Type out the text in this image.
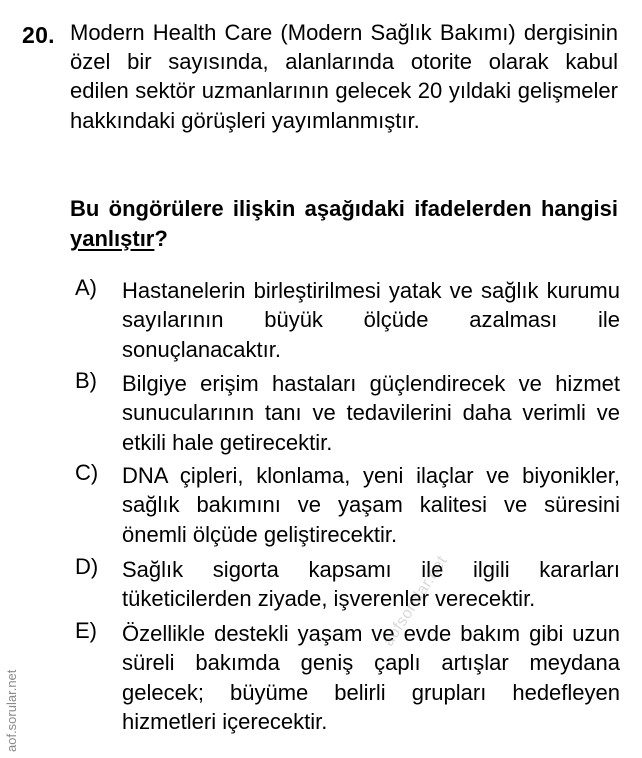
20. Modern Health Care (Modern Sağlık Bakımı) dergisinin özel bir sayısında, alanlarında otorite olarak kabul edilen sektör uzmanlarının gelecek 20 yıldaki gelişmeler hakkındaki görüşleri yayımlanmıştır.
Bu öngörülere ilişkin aşağıdaki ifadelerden hangisi yanlıştır?
A) Hastanelerin birleştirilmesi yatak ve sağlık kurumu sayılarının büyük ölçüde azalması ile sonuçlanacaktır.
B) Bilgiye erişim hastaları güçlendirecek ve hizmet sunucularının tanı ve tedavilerini daha verimli ve etkili hale getirecektir.
C) DNA çipleri, klonlama, yeni ilaçlar ve biyonikler, sağlık bakımını ve yaşam kalitesi ve süresini önemli ölçüde geliştirecektir.
D) Sağlık sigorta kapsamı ile ilgili kararları tüketicilerden ziyade, işverenler verecektir.
E) Özellikle destekli yaşam ve evde bakım gibi uzun süreli bakımda geniş çaplı artışlar meydana gelecek; büyüme belirli grupları hedefleyen hizmetleri içerecektir.
aofsorular.net
aof.sorular.net
